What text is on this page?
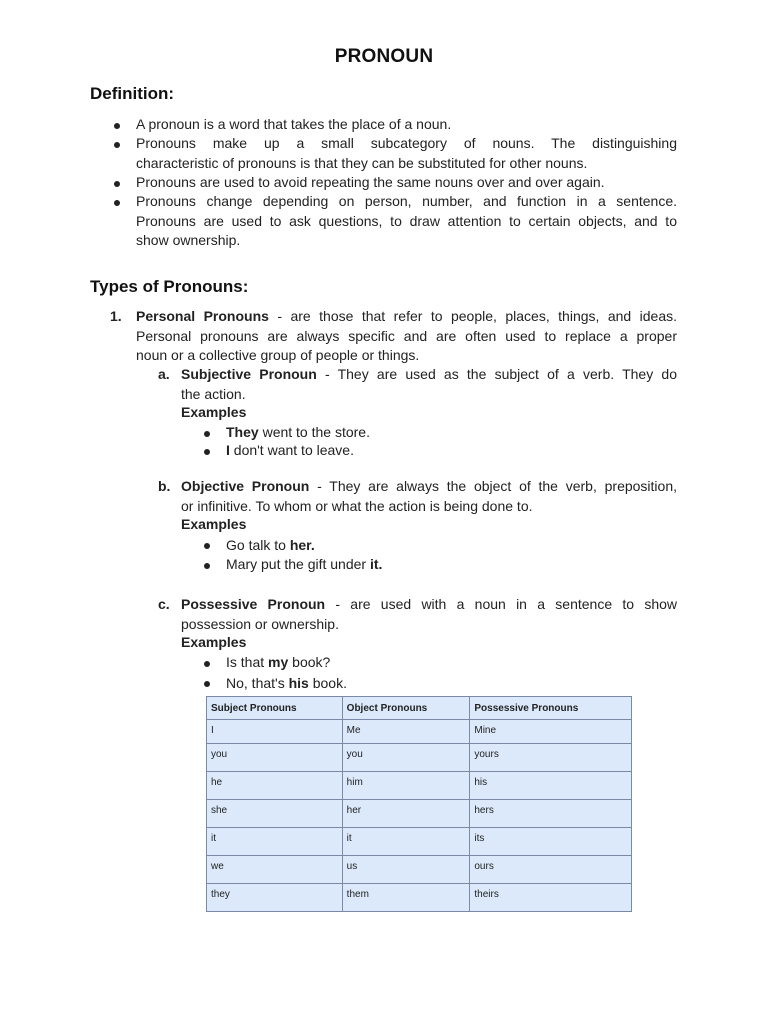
PRONOUN
Definition:
A pronoun is a word that takes the place of a noun.
Pronouns make up a small subcategory of nouns. The distinguishing
characteristic of pronouns is that they can be substituted for other nouns.
Pronouns are used to avoid repeating the same nouns over and over again.
Pronouns change depending on person, number, and function in a sentence.
Pronouns are used to ask questions, to draw attention to certain objects, and to
show ownership.
Types of Pronouns:
1. Personal Pronouns - are those that refer to people, places, things, and ideas.
Personal pronouns are always specific and are often used to replace a proper
noun or a collective group of people or things.
a. Subjective Pronoun - They are used as the subject of a verb. They do
the action.
Examples
They went to the store.
I don't want to leave.
b. Objective Pronoun - They are always the object of the verb, preposition,
or infinitive. To whom or what the action is being done to.
Examples
Go talk to her.
Mary put the gift under it.
c. Possessive Pronoun - are used with a noun in a sentence to show
possession or ownership.
Examples
Is that my book?
No, that's his book.
Subject Pronouns	Object Pronouns	Possessive Pronouns
I	Me	Mine
you	you	yours
he	him	his
she	her	hers
it	it	its
we	us	ours
they	them	theirs
